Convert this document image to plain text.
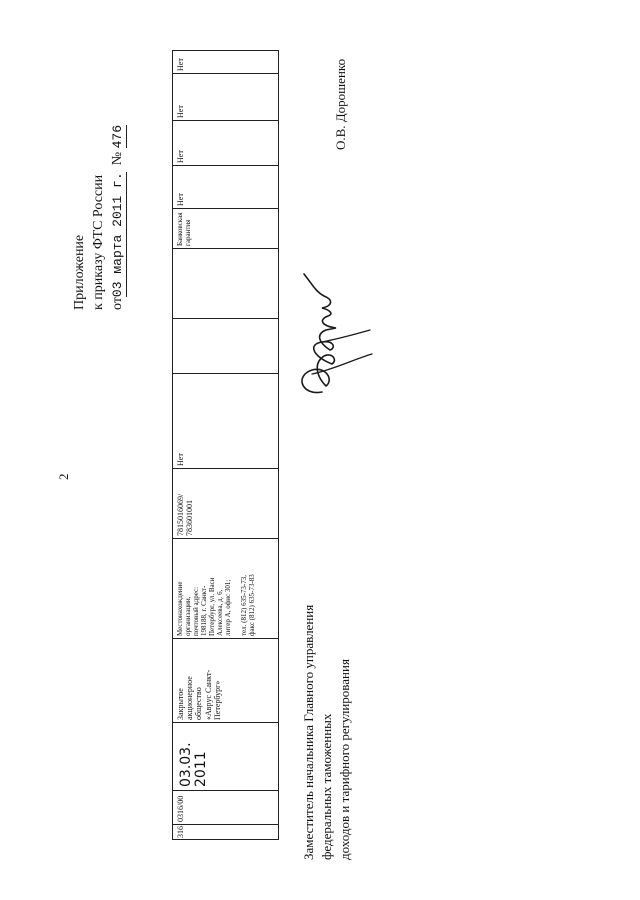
2
Приложение к приказу ФТС России от03 марта 2011 г.  № 476
316
0316/00
03.03.
2011
Закрытое
акционерное
общество
«Аврус Санкт-
Петербург»
Местонахождение
организации,
почтовый адрес:
198188, г. Санкт-
Петербург, ул. Васи
Алексеева, д. 6,
литер А, офис 301;

тел. (812) 635-73-73,
факс (812) 635-73-83
7815016069/
783601001
Нет
Банковская
гарантия
Нет
Нет
Нет
Нет
Заместитель начальника Главного управления федеральных таможенных доходов и тарифного регулирования
О.В. Дорошенко
